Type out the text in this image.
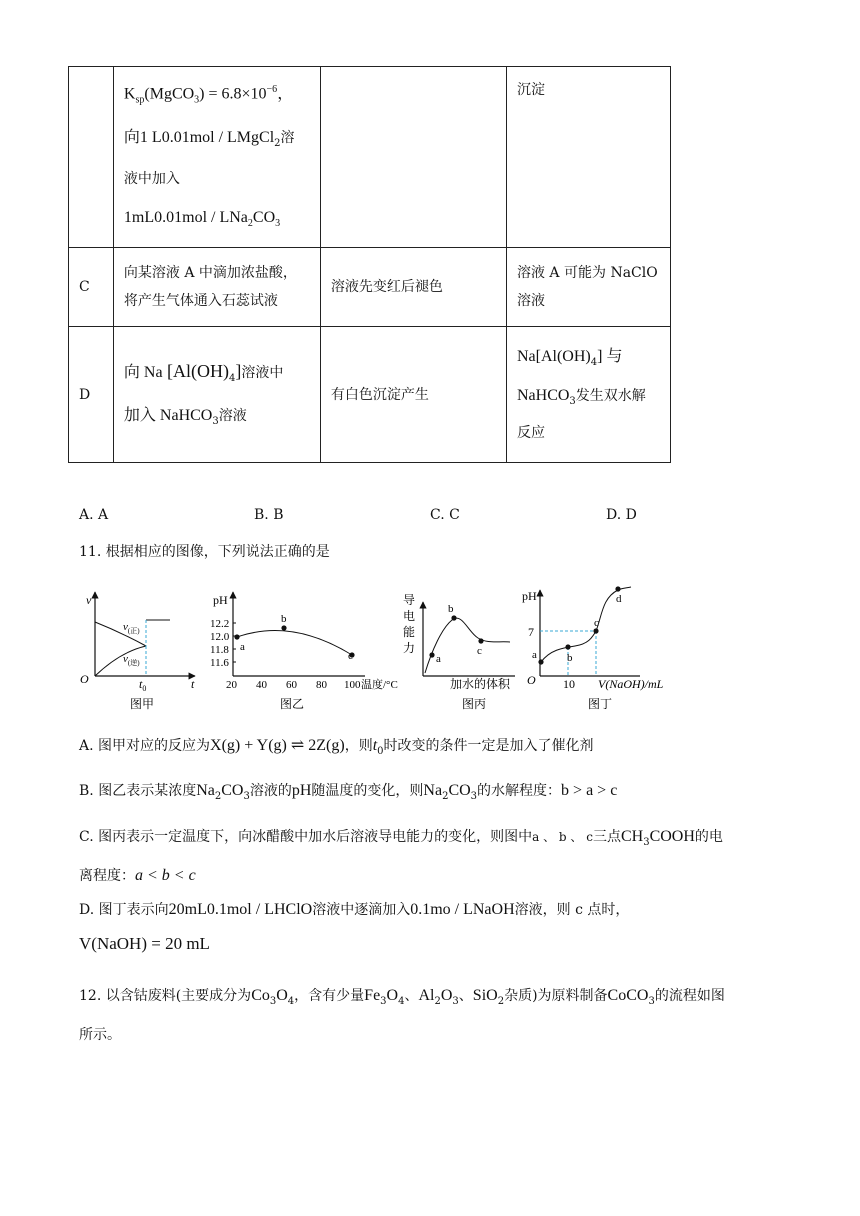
	$K_{sp}(MgCO_3) = 6.8\times 10^{-6}$，
向1 L0.01mol / LMgCl$_2$溶
液中加入
$1mL0.01mol / LNa_2CO_3$		沉淀
C	向某溶液 A 中滴加浓盐酸，
将产生气体通入石蕊试液	溶液先变红后褪色	溶液 A 可能为 NaClO
溶液

D	向 Na $[Al(OH)_4]$溶液中
加入 NaHCO$_3$溶液	有白色沉淀产生	$Na[Al(OH)_4]$ 与
NaHCO$_3$发生双水解
反应
A. A	B. B	C. C	D. D
11. 根据相应的图像，下列说法正确的是
v
t
O
$v_{(正)}$
$v_{(逆)}$
$t_0$
图甲
pH
12.2
12.0
11.8
11.6
20 40 60 80 100
a
b
c
温度/°C
图乙
导
电
能
力
a
b
c
加水的体积
图丙
pH
O
7
10
a	b
c
d
V(NaOH)/mL
图丁
A. 图甲对应的反应为X(g) + Y(g) ⇌ 2Z(g)，则$t_0$时改变的条件一定是加入了催化剂
B. 图乙表示某浓度$Na_2CO_3$溶液的pH随温度的变化，则$Na_2CO_3$的水解程度：b > a > c
C. 图丙表示一定温度下，向冰醋酸中加水后溶液导电能力的变化，则图中a 、 b 、 c三点$CH_3COOH$的电
离程度：a < b < c
D. 图丁表示向20mL0.1mol / LHClO溶液中逐滴加入0.1mo / LNaOH溶液，则 c 点时，
V(NaOH) = 20 mL
12. 以含钴废料(主要成分为$Co_3O_4$，含有少量$Fe_3O_4$、$Al_2O_3$、SiO$_2$杂质)为原料制备CoCO$_3$的流程如图
所示。
